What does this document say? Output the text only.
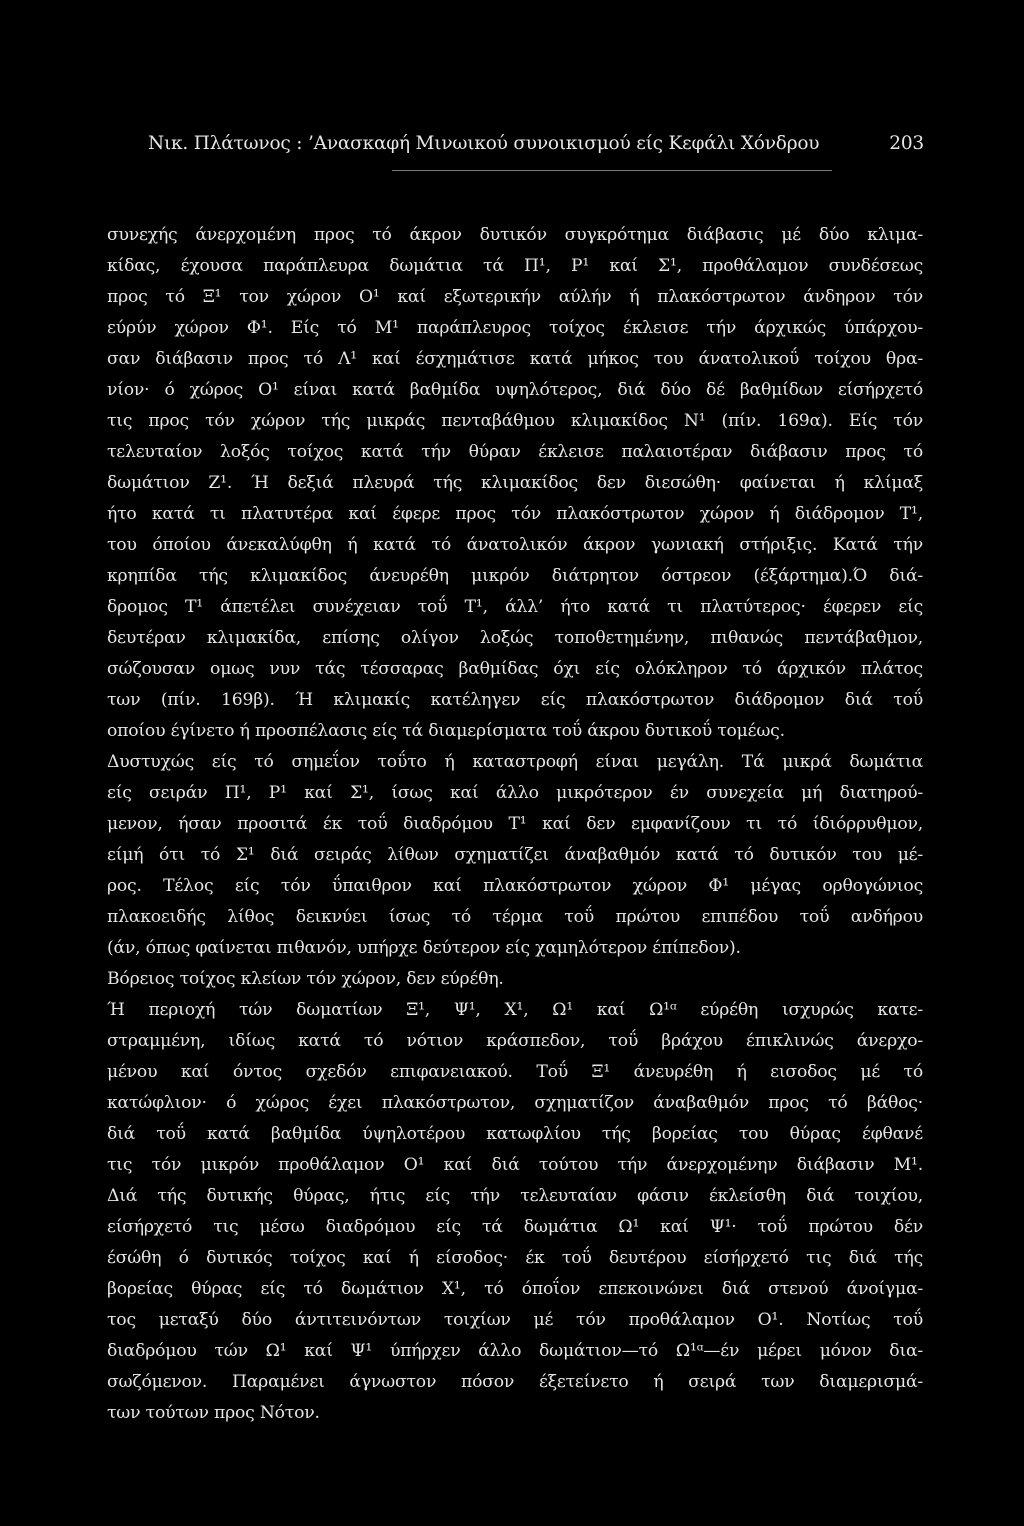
Νικ. Πλάτωνος : ’Ανασκαφή Μινωικού συνοικισμού είς Κεφάλι Χόνδρου	203
συνεχής άνερχομένη προς τό άκρον δυτικόν συγκρότημα διάβασις μέ δύο κλιμα-
κίδας, έχουσα παράπλευρα δωμάτια τά Π¹, Ρ¹ καί Σ¹, προθάλαμον συνδέσεως
προς τό Ξ¹ τον χώρον Ο¹ καί εξωτερικήν αύλήν ή πλακόστρωτον άνδηρον τόν
εύρύν χώρον Φ¹. Είς τό Μ¹ παράπλευρος τοίχος έκλεισε τήν άρχικώς ύπάρχου-
σαν διάβασιν προς τό Λ¹ καί έσχημάτισε κατά μήκος του άνατολικοΰ τοίχου θρα-
νίον· ό χώρος Ο¹ είναι κατά βαθμίδα υψηλότερος, διά δύο δέ βαθμίδων είσήρχετό
τις προς τόν χώρον τής μικράς πενταβάθμου κλιμακίδος Ν¹ (πίν. 169α). Είς τόν
τελευταίον λοξός τοίχος κατά τήν θύραν έκλεισε παλαιοτέραν διάβασιν προς τό
δωμάτιον Ζ¹. Ή δεξιά πλευρά τής κλιμακίδος δεν διεσώθη· φαίνεται ή κλίμαξ
ήτο κατά τι πλατυτέρα καί έφερε προς τόν πλακόστρωτον χώρον ή διάδρομον Τ¹,
του όποίου άνεκαλύφθη ή κατά τό άνατολικόν άκρον γωνιακή στήριξις. Κατά τήν
κρηπίδα τής κλιμακίδος άνευρέθη μικρόν διάτρητον όστρεον (έξάρτημα).Ό διά-
δρομος Τ¹ άπετέλει συνέχειαν τοΰ Τ¹, άλλ’ ήτο κατά τι πλατύτερος· έφερεν είς
δευτέραν κλιμακίδα, επίσης ολίγον λοξώς τοποθετημένην, πιθανώς πεντάβαθμον,
σώζουσαν ομως νυν τάς τέσσαρας βαθμίδας όχι είς ολόκληρον τό άρχικόν πλάτος
των (πίν. 169β). Ή κλιμακίς κατέληγεν είς πλακόστρωτον διάδρομον διά τοΰ
οποίου έγίνετο ή προσπέλασις είς τά διαμερίσματα τοΰ άκρου δυτικοΰ τομέως.
Δυστυχώς είς τό σημεΐον τοΰτο ή καταστροφή είναι μεγάλη. Τά μικρά δωμάτια
είς σειράν Π¹, Ρ¹ καί Σ¹, ίσως καί άλλο μικρότερον έν συνεχεία μή διατηρού-
μενον, ήσαν προσιτά έκ τοΰ διαδρόμου Τ¹ καί δεν εμφανίζουν τι τό ίδιόρρυθμον,
είμή ότι τό Σ¹ διά σειράς λίθων σχηματίζει άναβαθμόν κατά τό δυτικόν του μέ-
ρος. Τέλος είς τόν ΰπαιθρον καί πλακόστρωτον χώρον Φ¹ μέγας ορθογώνιος
πλακοειδής λίθος δεικνύει ίσως τό τέρμα τοΰ πρώτου επιπέδου τοΰ ανδήρου
(άν, όπως φαίνεται πιθανόν, υπήρχε δεύτερον είς χαμηλότερον έπίπεδον).
Βόρειος τοίχος κλείων τόν χώρον, δεν εύρέθη.
Ή περιοχή τών δωματίων Ξ¹, Ψ¹, Χ¹, Ω¹ καί Ω¹ᵅ εύρέθη ισχυρώς κατε-
στραμμένη, ιδίως κατά τό νότιον κράσπεδον, τοΰ βράχου έπικλινώς άνερχο-
μένου καί όντος σχεδόν επιφανειακού. Τοΰ Ξ¹ άνευρέθη ή εισοδος μέ τό
κατώφλιον· ό χώρος έχει πλακόστρωτον, σχηματίζον άναβαθμόν προς τό βάθος·
διά τοΰ κατά βαθμίδα ύψηλοτέρου κατωφλίου τής βορείας του θύρας έφθανέ
τις τόν μικρόν προθάλαμον Ο¹ καί διά τούτου τήν άνερχομένην διάβασιν Μ¹.
Διά τής δυτικής θύρας, ήτις είς τήν τελευταίαν φάσιν έκλείσθη διά τοιχίου,
είσήρχετό τις μέσω διαδρόμου είς τά δωμάτια Ω¹ καί Ψ¹· τοΰ πρώτου δέν
έσώθη ό δυτικός τοίχος καί ή είσοδος· έκ τοΰ δευτέρου είσήρχετό τις διά τής
βορείας θύρας είς τό δωμάτιον Χ¹, τό όποΐον επεκοινώνει διά στενού άνοίγμα-
τος μεταξύ δύο άντιτεινόντων τοιχίων μέ τόν προθάλαμον Ο¹. Νοτίως τοΰ
διαδρόμου τών Ω¹ καί Ψ¹ ύπήρχεν άλλο δωμάτιον—τό Ω¹ᵅ—έν μέρει μόνον δια-
σωζόμενον. Παραμένει άγνωστον πόσον έξετείνετο ή σειρά των διαμερισμά-
των τούτων προς Νότον.
